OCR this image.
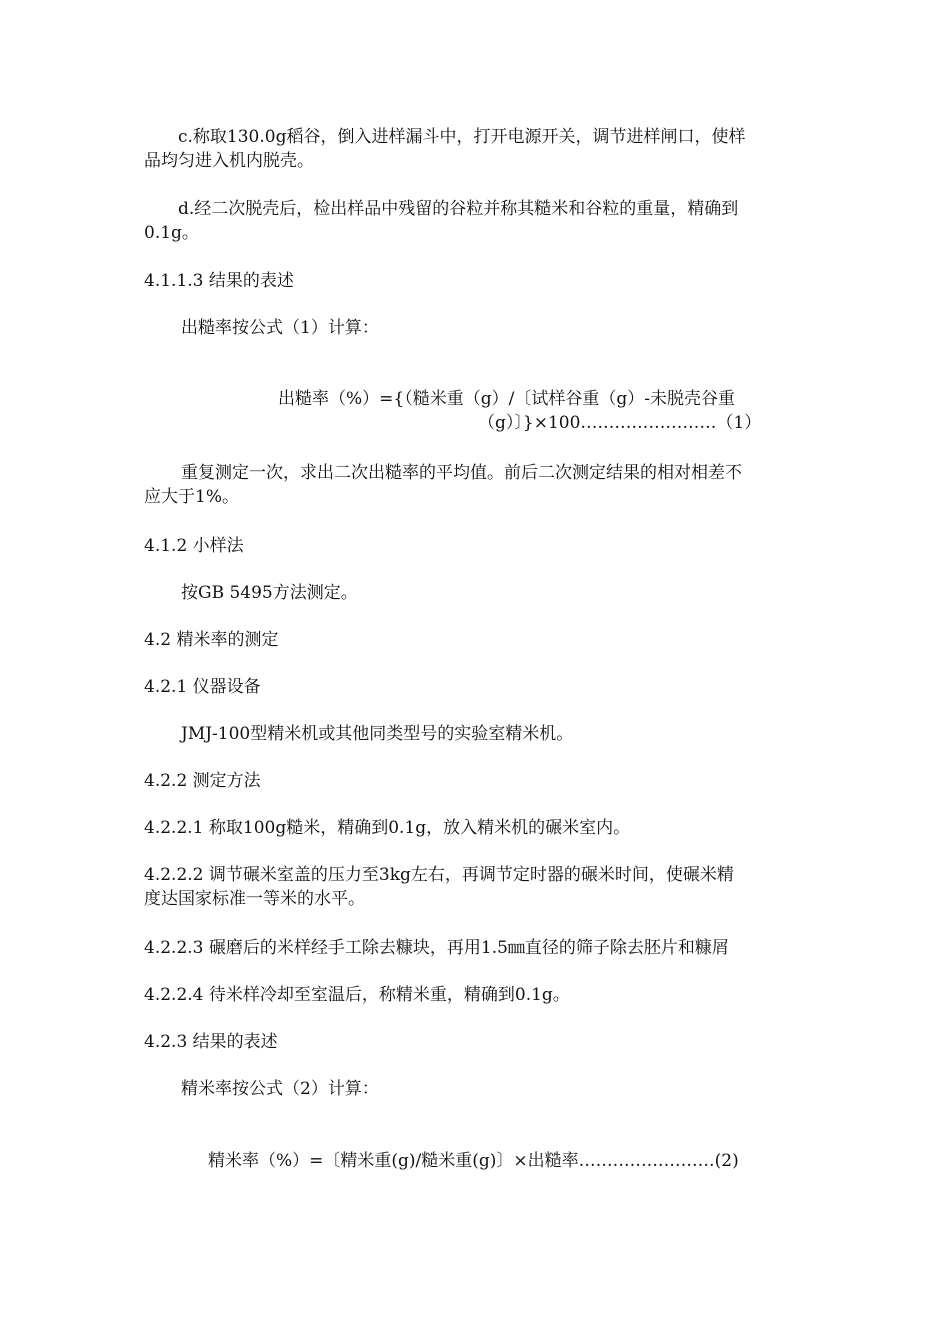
c.称取130.0g稻谷，倒入进样漏斗中，打开电源开关，调节进样闸口，使样
品均匀进入机内脱壳。
d.经二次脱壳后，检出样品中残留的谷粒并称其糙米和谷粒的重量，精确到
0.1g。

4.1.1.3 结果的表述

出糙率按公式（1）计算：

出糙率（%）={（糙米重（g）/〔试样谷重（g）-未脱壳谷重
（g）〕}×100……………………（1）
重复测定一次，求出二次出糙率的平均值。前后二次测定结果的相对相差不
应大于1%。

4.1.2 小样法

按GB 5495方法测定。

4.2 精米率的测定

4.2.1 仪器设备

JMJ-100型精米机或其他同类型号的实验室精米机。

4.2.2 测定方法

4.2.2.1 称取100g糙米，精确到0.1g，放入精米机的碾米室内。

4.2.2.2 调节碾米室盖的压力至3kg左右，再调节定时器的碾米时间，使碾米精
度达国家标准一等米的水平。

4.2.2.3 碾磨后的米样经手工除去糠块，再用1.5㎜直径的筛子除去胚片和糠屑

4.2.2.4 待米样冷却至室温后，称精米重，精确到0.1g。

4.2.3 结果的表述

精米率按公式（2）计算：

精米率（%）=〔精米重(g)/糙米重(g)〕×出糙率……………………(2)
